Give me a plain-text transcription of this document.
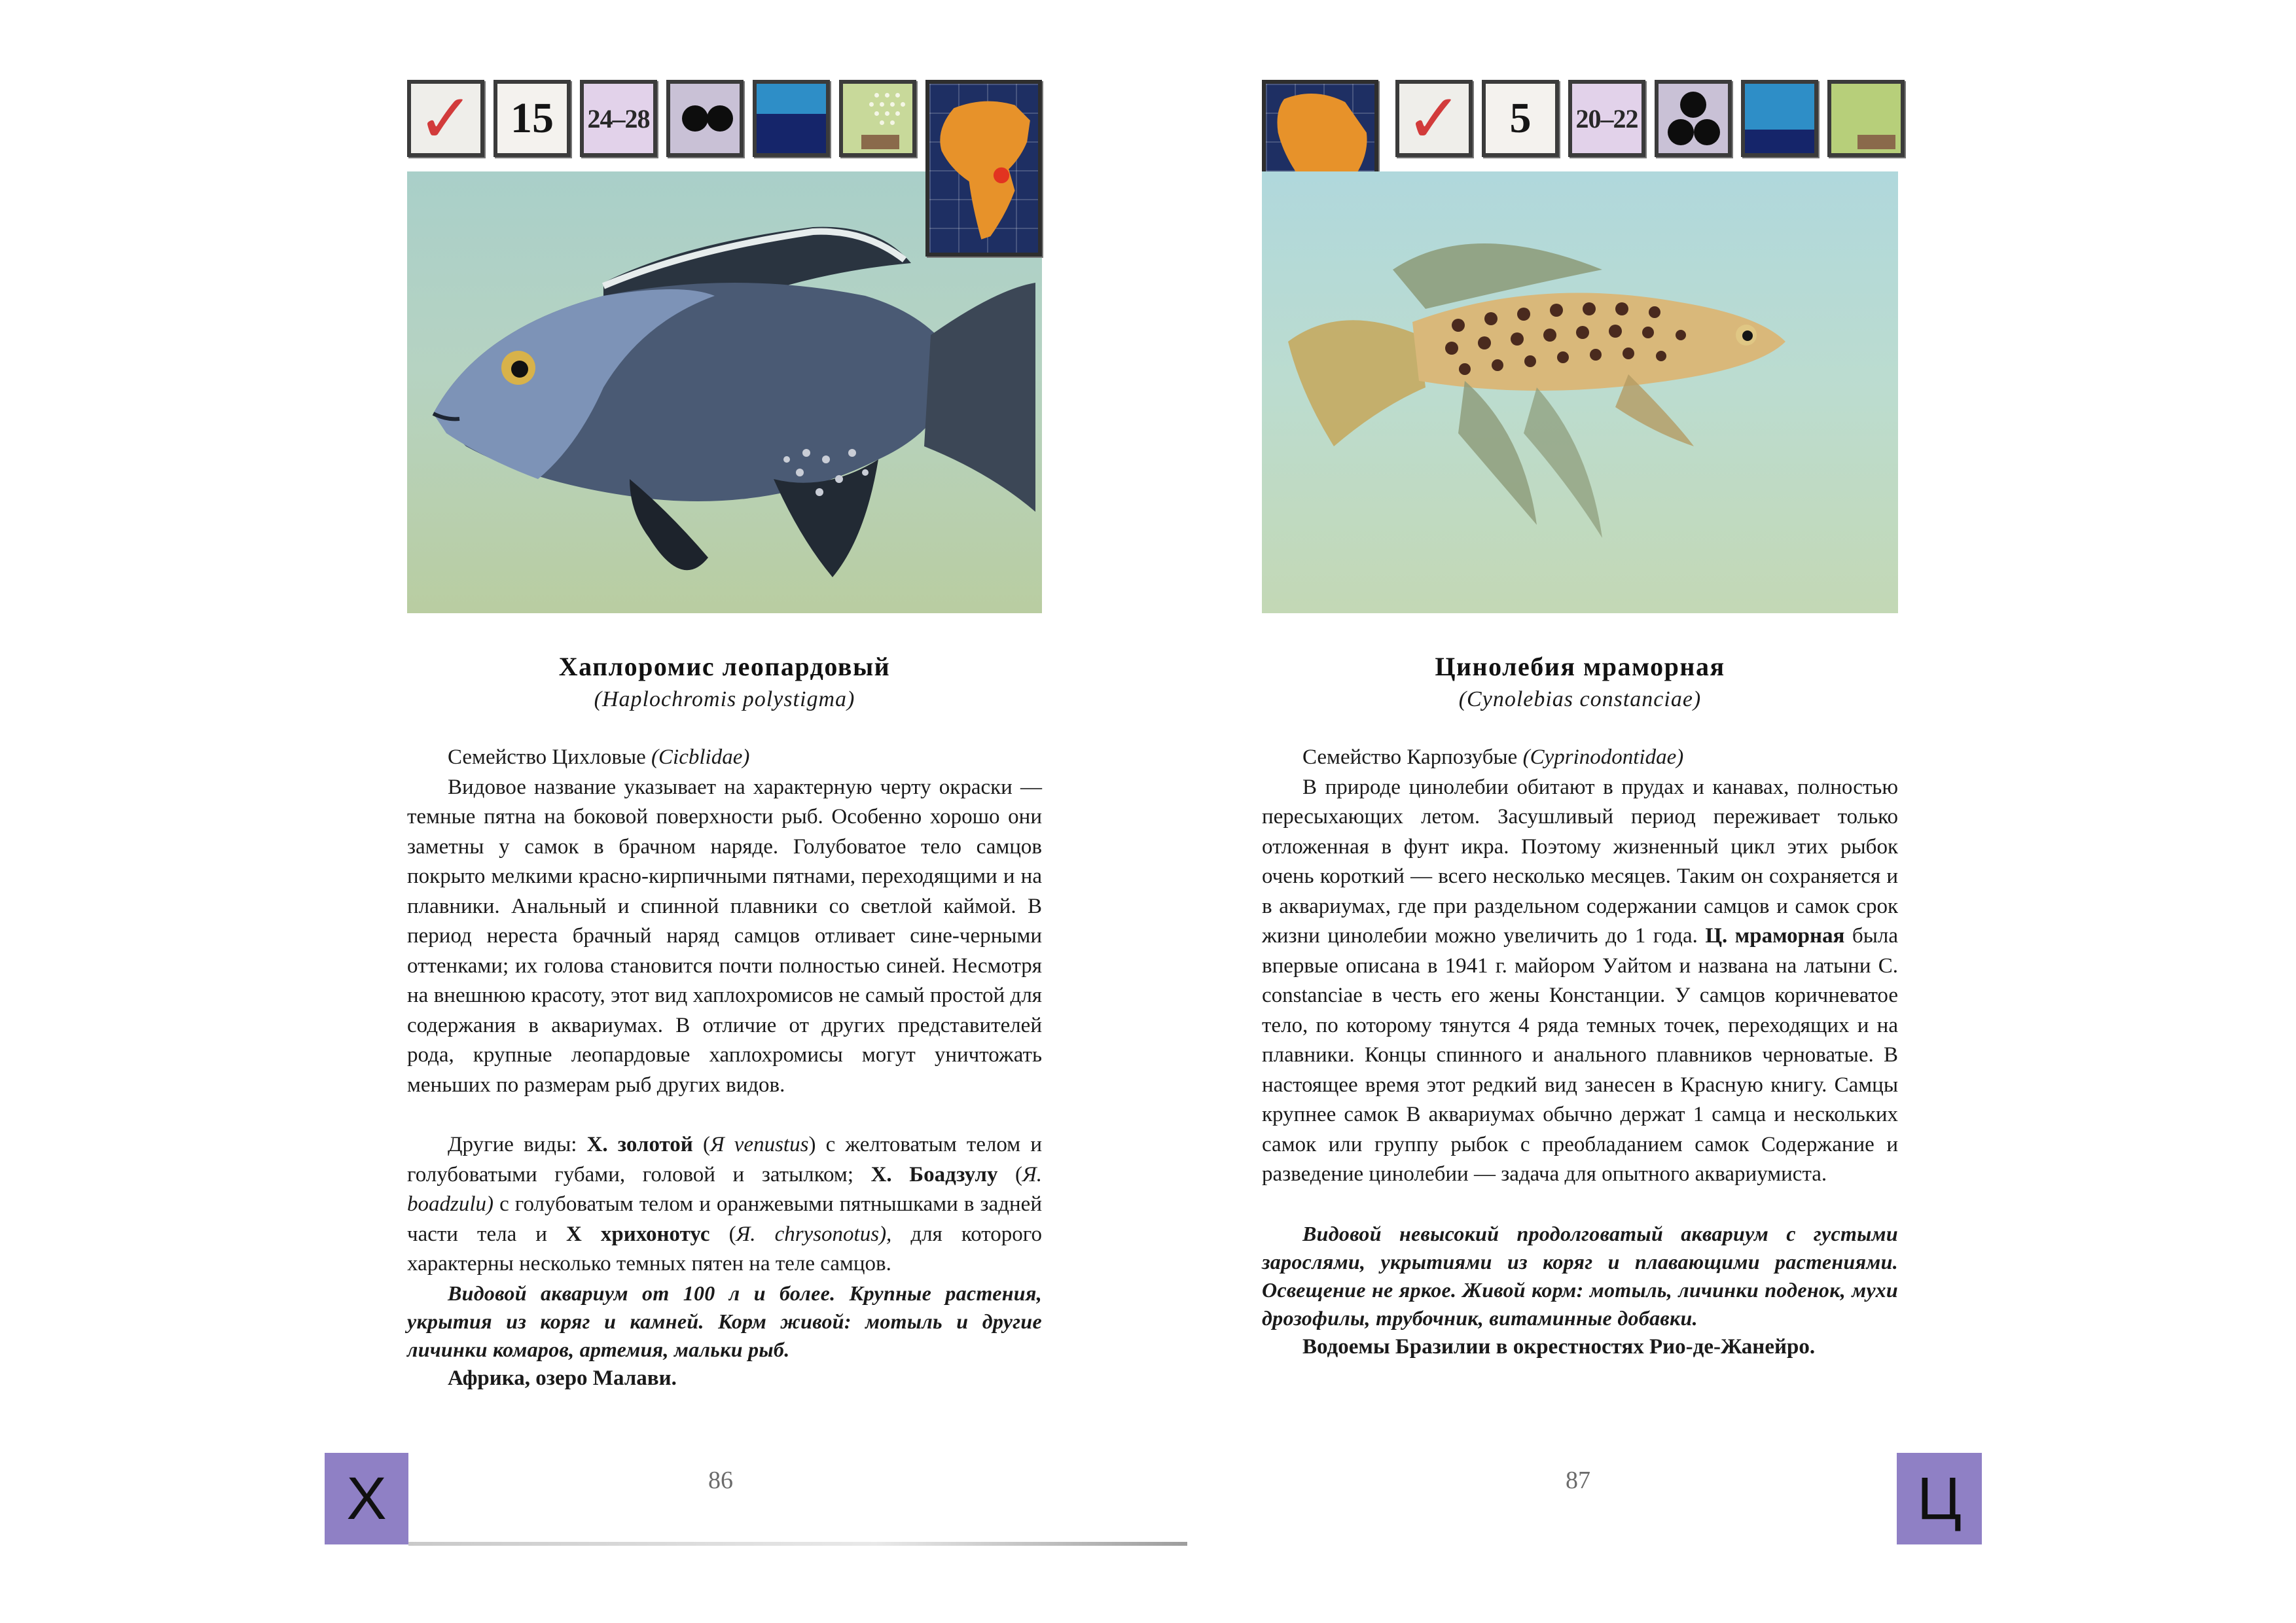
✓ 15 24–28
Хаплоромис леопардовый
(Haplochromis polystigma)
Семейство Цихловые (Cicblidae)

Видовое название указывает на характерную черту окраски — темные пятна на боковой поверхности рыб. Особенно хорошо они заметны у самок в брачном наряде. Голубоватое тело самцов покрыто мелкими красно-кирпичными пятнами, переходящими и на плавники. Анальный и спинной плавники со светлой каймой. В период нереста брачный наряд самцов отливает сине-черными оттенками; их голова становится почти полностью синей. Несмотря на внешнюю красоту, этот вид хаплохромисов не самый простой для содержания в аквариумах. В отличие от других представителей рода, крупные леопардовые хаплохромисы могут уничтожать меньших по размерам рыб других видов.

Другие виды: Х. золотой (Я venustus) с желтоватым телом и голубоватыми губами, головой и затылком; Х. Боадзулу (Я. boadzulu) с голубоватым телом и оранжевыми пятнышками в задней части тела и Х хрихонотус (Я. chrysonotus), для которого характерны несколько темных пятен на теле самцов.

Видовой аквариум от 100 л и более. Крупные растения, укрытия из коряг и камней. Корм живой: мотыль и другие личинки комаров, артемия, мальки рыб.

Африка, озеро Малави.

Х	86
✓ 5 20–22
Цинолебия мраморная
(Cynolebias constanciae)
Семейство Карпозубые (Cyprinodontidae)

В природе цинолебии обитают в прудах и канавах, полностью пересыхающих летом. Засушливый период переживает только отложенная в фунт икра. Поэтому жизненный цикл этих рыбок очень короткий — всего несколько месяцев. Таким он сохраняется и в аквариумах, где при раздельном содержании самцов и самок срок жизни цинолебии можно увеличить до 1 года. Ц. мраморная была впервые описана в 1941 г. майором Уайтом и названа на латыни С. constanciae в честь его жены Констанции. У самцов коричневатое тело, по которому тянутся 4 ряда темных точек, переходящих и на плавники. Концы спинного и анального плавников черноватые. В настоящее время этот редкий вид занесен в Красную книгу. Самцы крупнее самок В аквариумах обычно держат 1 самца и нескольких самок или группу рыбок с преобладанием самок Содержание и разведение цинолебии — задача для опытного аквариумиста.

Видовой невысокий продолговатый аквариум с густыми зарослями, укрытиями из коряг и плавающими растениями. Освещение не яркое. Живой корм: мотыль, личинки поденок, мухи дрозофилы, трубочник, витаминные добавки.

Водоемы Бразилии в окрестностях Рио-де-Жанейро.

87	Ц
